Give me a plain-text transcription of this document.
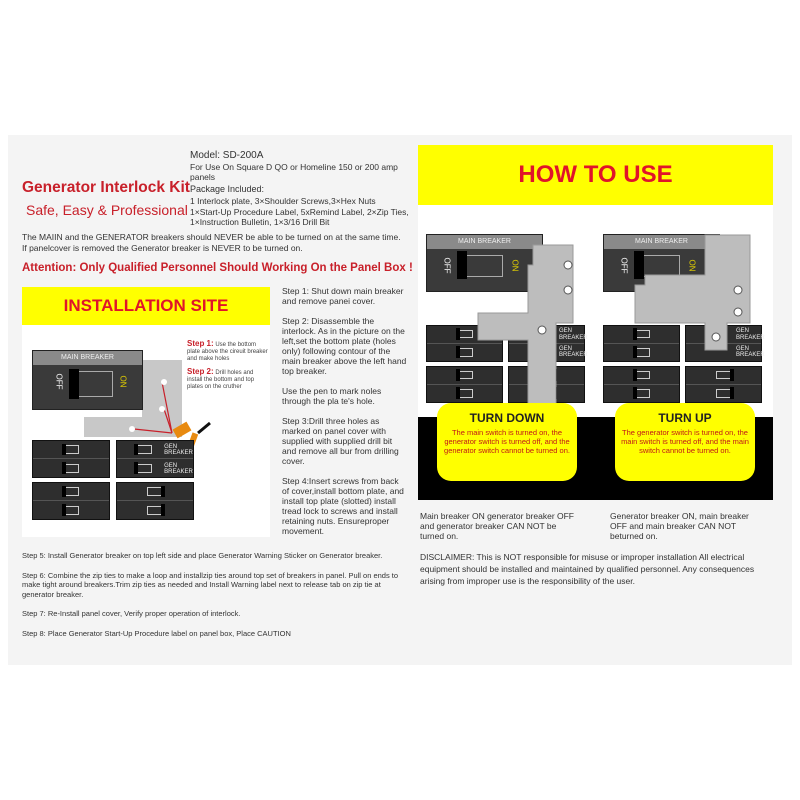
Model: SD-200A
For Use On Square D QO or Homeline 150 or 200 amp panels
Generator Interlock Kit
Safe, Easy & Professional
Package Included:
1 Interlock plate, 3×Shoulder Screws,3×Hex Nuts
1×Start-Up Procedure Label, 5xRemind Label, 2×Zip Ties,
1×Instruction Bulletin, 1×3/16 Drill Bit
The MAIIN and the GENERATOR breakers should NEVER be able to be turned on at the same time. If panelcover is removed the Generator breaker is NEVER to be turned on.
Attention: Only Qualified Personnel Should Working On the Panel Box !
INSTALLATION SITE
MAIN BREAKER
OFF	ON
Step 1: Use the bottom plate above the cireuit breaker and make holes
Step 2: Drill holes and install the bottom and top plates on the cruther
GEN BREAKER
GEN BREAKER

Step 1: Shut down main breaker and remove panei cover.

Step 2: Disassemble the interlock. As in the picture on the left,set the bottom plate (holes only) following contour of the main breaker above the left hand top breaker.

Use the pen to mark noles through the pla te's hole.

Step 3:Drill three holes as marked on panel cover with supplied with supplied drill bit and remove all bur from drilling cover.

Step 4:Insert screws from back of cover,install bottom plate, and install top plate (slotted) install tread lock to screws and install retaining nuts. Ensureproper movement.

Step 5: Install Generator breaker on top left side and place Generator Warning Sticker on Generator breaker.

Step 6: Combine the zip ties to make a loop and installzip ties around top set of breakers in panel. Pull on ends to make tight around breakers.Trim zip ties as needed and Install Warning label next to release tab on zip tie at generator breaker.

Step 7: Re-Install panel cover, Verify proper operation of interlock.

Step 8: Place Generator Start-Up Procedure label on panel box, Place CAUTION

HOW TO USE
MAIN BREAKER
OFF	ON
GEN BREAKER
GEN BREAKER
MAIN BREAKER
OFF	ON
GEN BREAKER
GEN BREAKER
TURN DOWN

The main switch is turned on, the generator switch is turned off, and the generator switch cannot be turned on.

TURN UP

The generator switch is turned on, the main switch is turned off, and the main switch cannot be turned on.

Main breaker ON generator breaker OFF and generator breaker CAN NOT be turned on.
Generator breaker ON, main breaker OFF and main breaker CAN NOT beturned on.
DISCLAIMER: This is NOT responsible for misuse or improper installation All electrical equipment should be installed and maintained by qualified personnel. Any consequences arising from improper use is the responsibility of the user.
